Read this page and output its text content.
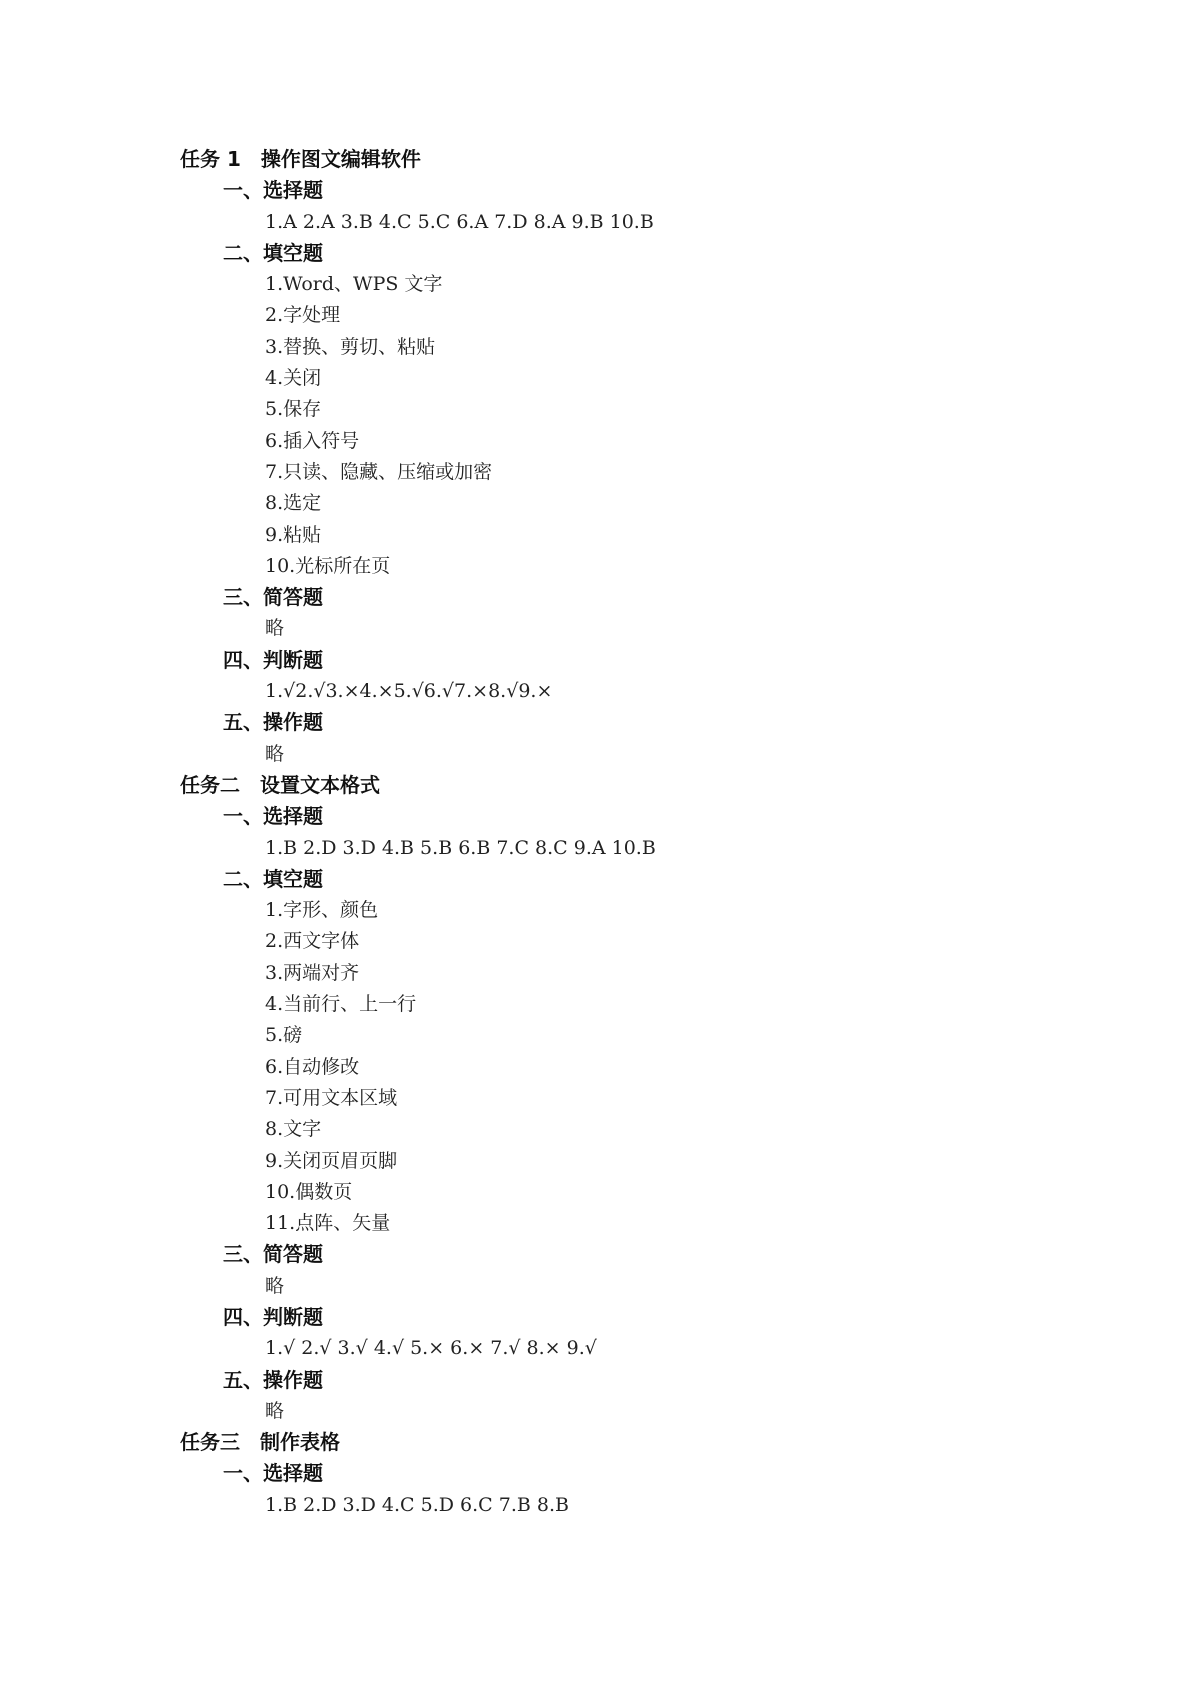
任务 1　操作图文编辑软件
一、选择题
1.A 2.A 3.B 4.C 5.C 6.A 7.D 8.A 9.B 10.B
二、填空题
1.Word、WPS 文字
2.字处理
3.替换、剪切、粘贴
4.关闭
5.保存
6.插入符号
7.只读、隐藏、压缩或加密
8.选定
9.粘贴
10.光标所在页
三、简答题
略
四、判断题
1.√2.√3.×4.×5.√6.√7.×8.√9.×
五、操作题
略
任务二　设置文本格式
一、选择题
1.B 2.D 3.D 4.B 5.B 6.B 7.C 8.C 9.A 10.B
二、填空题
1.字形、颜色
2.西文字体
3.两端对齐
4.当前行、上一行
5.磅
6.自动修改
7.可用文本区域
8.文字
9.关闭页眉页脚
10.偶数页
11.点阵、矢量
三、简答题
略
四、判断题
1.√ 2.√ 3.√ 4.√ 5.× 6.× 7.√ 8.× 9.√
五、操作题
略
任务三　制作表格
一、选择题
1.B 2.D 3.D 4.C 5.D 6.C 7.B 8.B
